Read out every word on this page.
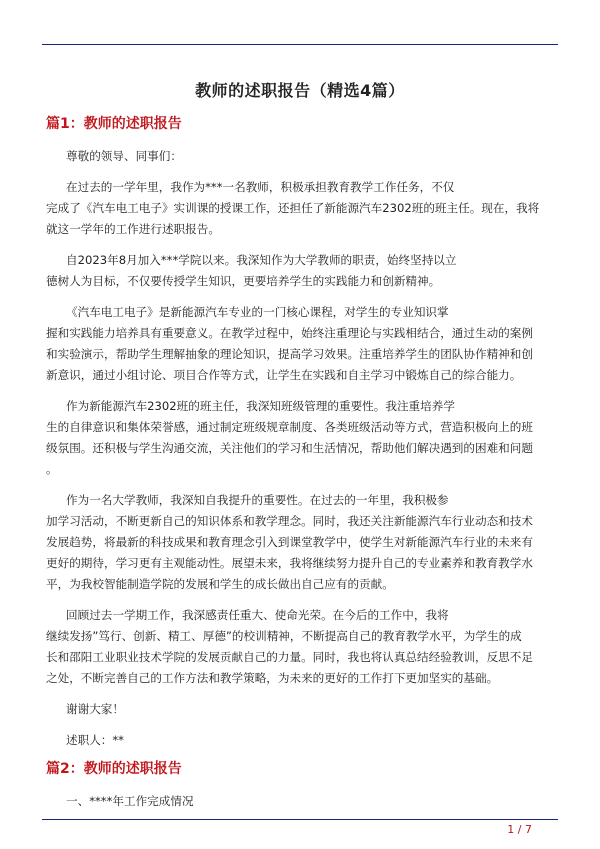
教师的述职报告（精选4篇）
篇1：教师的述职报告

尊敬的领导、同事们：

在过去的一学年里，我作为***一名教师，积极承担教育教学工作任务，不仅
完成了《汽车电工电子》实训课的授课工作，还担任了新能源汽车2302班的班主任。现在，我将
就这一学年的工作进行述职报告。

自2023年8月加入***学院以来。我深知作为大学教师的职责，始终坚持以立
德树人为目标，不仅要传授学生知识，更要培养学生的实践能力和创新精神。

《汽车电工电子》是新能源汽车专业的一门核心课程，对学生的专业知识掌
握和实践能力培养具有重要意义。在教学过程中，始终注重理论与实践相结合，通过生动的案例
和实验演示，帮助学生理解抽象的理论知识，提高学习效果。注重培养学生的团队协作精神和创
新意识，通过小组讨论、项目合作等方式，让学生在实践和自主学习中锻炼自己的综合能力。

作为新能源汽车2302班的班主任，我深知班级管理的重要性。我注重培养学
生的自律意识和集体荣誉感，通过制定班级规章制度、各类班级活动等方式，营造积极向上的班
级氛围。还积极与学生沟通交流，关注他们的学习和生活情况，帮助他们解决遇到的困难和问题
。

作为一名大学教师，我深知自我提升的重要性。在过去的一年里，我积极参
加学习活动，不断更新自己的知识体系和教学理念。同时，我还关注新能源汽车行业动态和技术
发展趋势，将最新的科技成果和教育理念引入到课堂教学中，使学生对新能源汽车行业的未来有
更好的期待，学习更有主观能动性。展望未来，我将继续努力提升自己的专业素养和教育教学水
平，为我校智能制造学院的发展和学生的成长做出自己应有的贡献。

回顾过去一学期工作，我深感责任重大、使命光荣。在今后的工作中，我将
继续发扬”笃行、创新、精工、厚德”的校训精神，不断提高自己的教育教学水平，为学生的成
长和邵阳工业职业技术学院的发展贡献自己的力量。同时，我也将认真总结经验教训，反思不足
之处，不断完善自己的工作方法和教学策略，为未来的更好的工作打下更加坚实的基础。

谢谢大家！

述职人：**

篇2：教师的述职报告

一、****年工作完成情况

1 / 7
